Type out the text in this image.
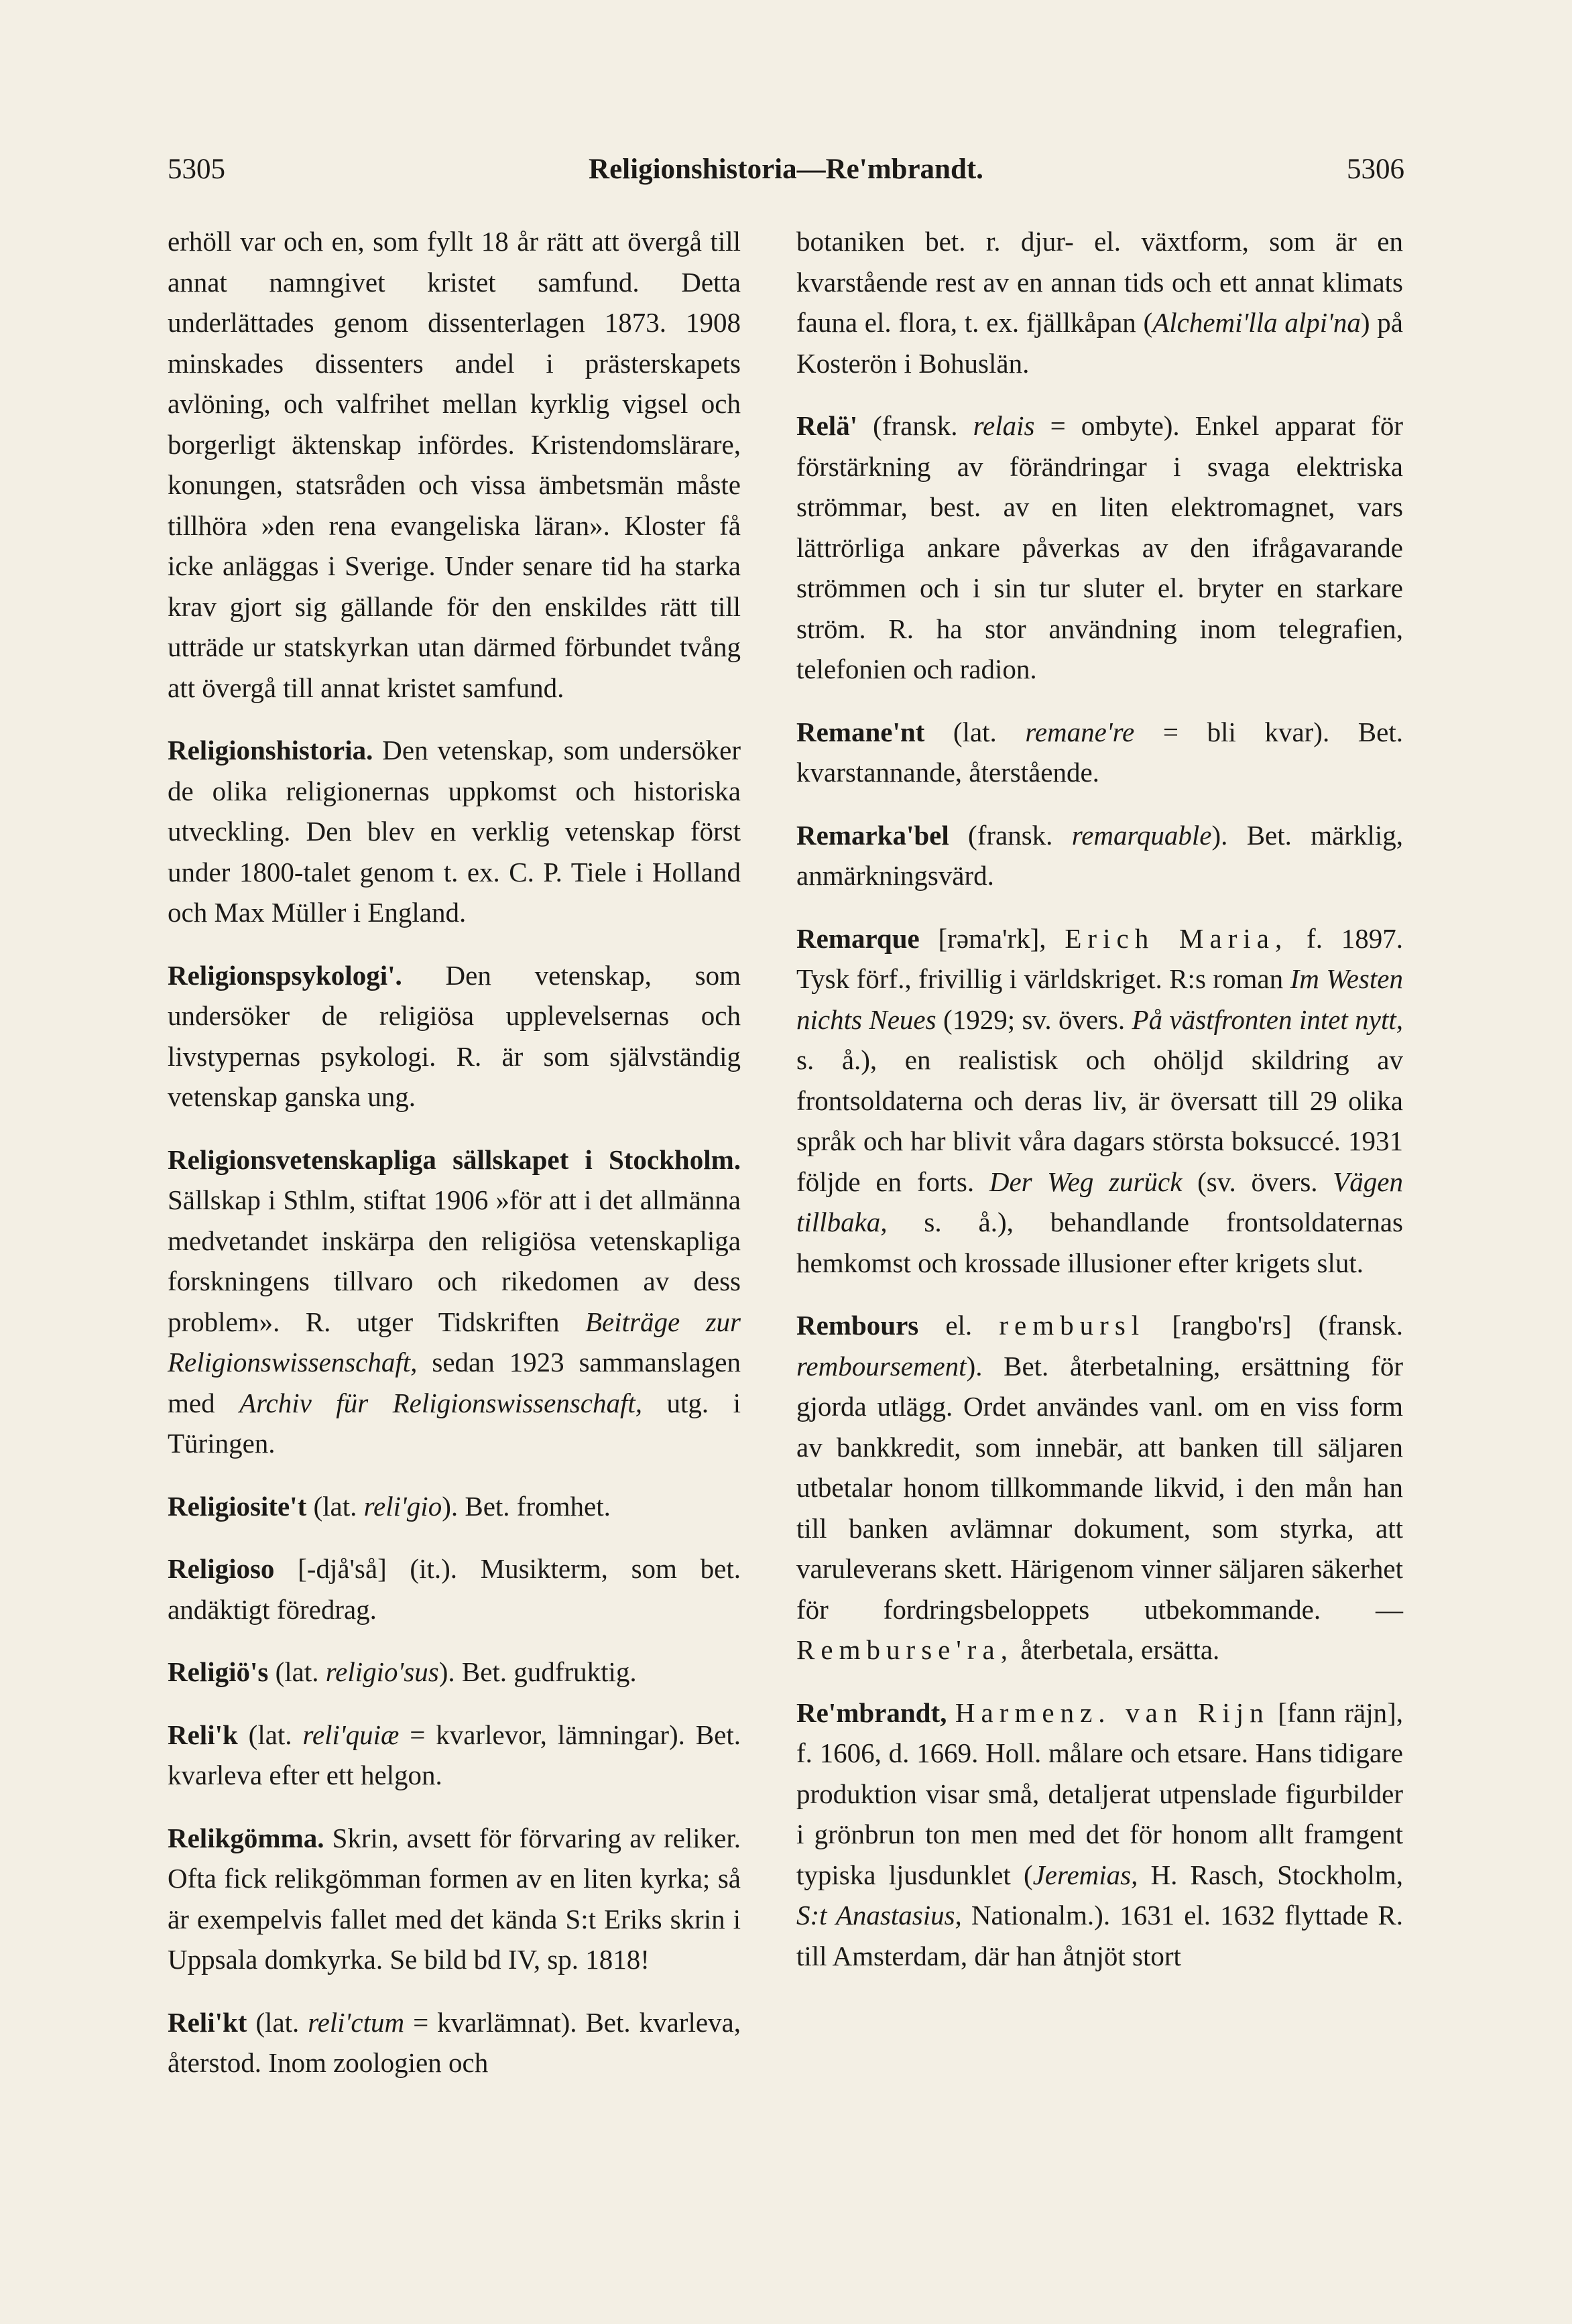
Religionshistoria—Re'mbrandt.
5305	5306

erhöll var och en, som fyllt 18 år rätt att övergå till annat namngivet kristet samfund. Detta underlättades genom dissenterlagen 1873. 1908 minskades dissenters andel i prästerskapets avlöning, och valfrihet mellan kyrklig vigsel och borgerligt äktenskap infördes. Kristendomslärare, konungen, statsråden och vissa ämbetsmän måste tillhöra »den rena evangeliska läran». Kloster få icke anläggas i Sverige. Under senare tid ha starka krav gjort sig gällande för den enskildes rätt till utträde ur statskyrkan utan därmed förbundet tvång att övergå till annat kristet samfund.

Religionshistoria. Den vetenskap, som undersöker de olika religionernas uppkomst och historiska utveckling. Den blev en verklig vetenskap först under 1800-talet genom t. ex. C. P. Tiele i Holland och Max Müller i England.

Religionspsykologi'. Den vetenskap, som undersöker de religiösa upplevelsernas och livstypernas psykologi. R. är som självständig vetenskap ganska ung.

Religionsvetenskapliga sällskapet i Stockholm. Sällskap i Sthlm, stiftat 1906 »för att i det allmänna medvetandet inskärpa den religiösa vetenskapliga forskningens tillvaro och rikedomen av dess problem». R. utger Tidskriften Beiträge zur Religionswissenschaft, sedan 1923 sammanslagen med Archiv für Religionswissenschaft, utg. i Türingen.

Religiosite't (lat. reli'gio). Bet. fromhet.

Religioso [-djå'så] (it.). Musikterm, som bet. andäktigt föredrag.

Religiö's (lat. religio'sus). Bet. gudfruktig.

Reli'k (lat. reli'quiæ = kvarlevor, lämningar). Bet. kvarleva efter ett helgon.

Relikgömma. Skrin, avsett för förvaring av reliker. Ofta fick relikgömman formen av en liten kyrka; så är exempelvis fallet med det kända S:t Eriks skrin i Uppsala domkyrka. Se bild bd IV, sp. 1818!

Reli'kt (lat. reli'ctum = kvarlämnat). Bet. kvarleva, återstod. Inom zoologien och

botaniken bet. r. djur- el. växtform, som är en kvarstående rest av en annan tids och ett annat klimats fauna el. flora, t. ex. fjällkåpan (Alchemi'lla alpi'na) på Kosterön i Bohuslän.

Relä' (fransk. relais = ombyte). Enkel apparat för förstärkning av förändringar i svaga elektriska strömmar, best. av en liten elektromagnet, vars lättrörliga ankare påverkas av den ifrågavarande strömmen och i sin tur sluter el. bryter en starkare ström. R. ha stor användning inom telegrafien, telefonien och radion.

Remane'nt (lat. remane're = bli kvar). Bet. kvarstannande, återstående.

Remarka'bel (fransk. remarquable). Bet. märklig, anmärkningsvärd.

Remarque [rəma'rk], Erich Maria, f. 1897. Tysk förf., frivillig i världskriget. R:s roman Im Westen nichts Neues (1929; sv. övers. På västfronten intet nytt, s. å.), en realistisk och ohöljd skildring av frontsoldaterna och deras liv, är översatt till 29 olika språk och har blivit våra dagars största boksuccé. 1931 följde en forts. Der Weg zurück (sv. övers. Vägen tillbaka, s. å.), behandlande frontsoldaternas hemkomst och krossade illusioner efter krigets slut.

Rembours el. rembursl [rangbo'rs] (fransk. remboursement). Bet. återbetalning, ersättning för gjorda utlägg. Ordet användes vanl. om en viss form av bankkredit, som innebär, att banken till säljaren utbetalar honom tillkommande likvid, i den mån han till banken avlämnar dokument, som styrka, att varuleverans skett. Härigenom vinner säljaren säkerhet för fordringsbeloppets utbekommande. — Remburse'ra, återbetala, ersätta.

Re'mbrandt, Harmenz. van Rijn [fann räjn], f. 1606, d. 1669. Holl. målare och etsare. Hans tidigare produktion visar små, detaljerat utpenslade figurbilder i grönbrun ton men med det för honom allt framgent typiska ljusdunklet (Jeremias, H. Rasch, Stockholm, S:t Anastasius, Nationalm.). 1631 el. 1632 flyttade R. till Amsterdam, där han åtnjöt stort
